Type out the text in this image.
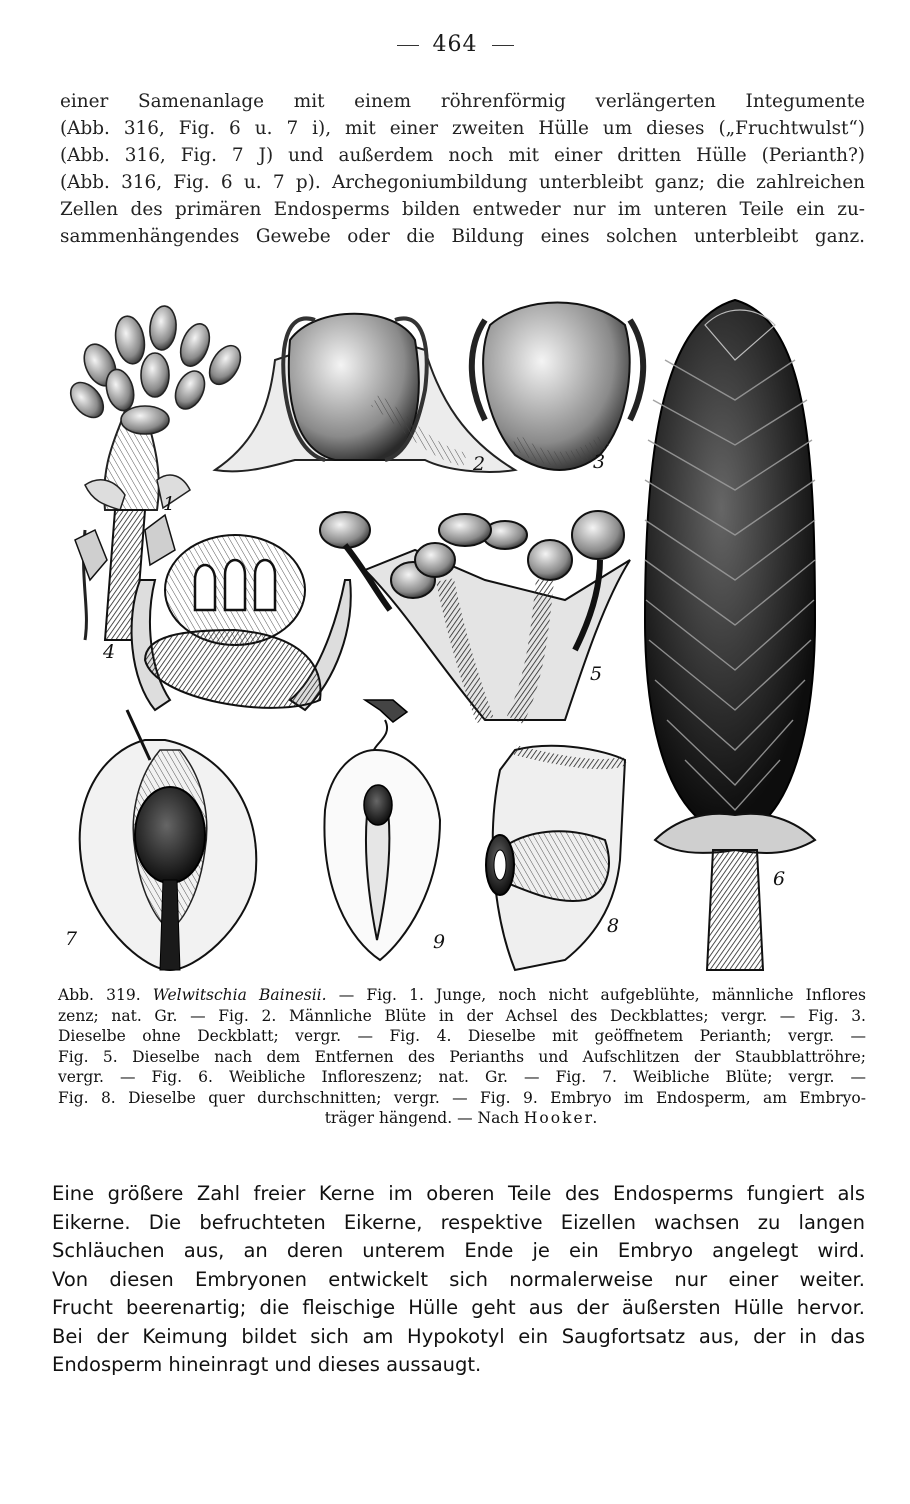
464
einer Samenanlage mit einem röhrenförmig verlängerten Integumente
(Abb. 316, Fig. 6 u. 7 i), mit einer zweiten Hülle um dieses („Fruchtwulst“)
(Abb. 316, Fig. 7 J) und außerdem noch mit einer dritten Hülle (Perianth?)
(Abb. 316, Fig. 6 u. 7 p). Archegoniumbildung unterbleibt ganz; die zahlreichen
Zellen des primären Endosperms bilden entweder nur im unteren Teile ein zu-
sammenhängendes Gewebe oder die Bildung eines solchen unterbleibt ganz.
1
2	3
4
5
6
7	9
8
Abb. 319. Welwitschia Bainesii. — Fig. 1. Junge, noch nicht aufgeblühte, männliche Inflores
zenz; nat. Gr. — Fig. 2. Männliche Blüte in der Achsel des Deckblattes; vergr. — Fig. 3.
Dieselbe ohne Deckblatt; vergr. — Fig. 4. Dieselbe mit geöffnetem Perianth; vergr. —
Fig. 5. Dieselbe nach dem Entfernen des Perianths und Aufschlitzen der Staubblattröhre;
vergr. — Fig. 6. Weibliche Infloreszenz; nat. Gr. — Fig. 7. Weibliche Blüte; vergr. —
Fig. 8. Dieselbe quer durchschnitten; vergr. — Fig. 9. Embryo im Endosperm, am Embryo-
träger hängend. — Nach Hooker.
Eine größere Zahl freier Kerne im oberen Teile des Endosperms fungiert als
Eikerne. Die befruchteten Eikerne, respektive Eizellen wachsen zu langen
Schläuchen aus, an deren unterem Ende je ein Embryo angelegt wird.
Von diesen Embryonen entwickelt sich normalerweise nur einer weiter.
Frucht beerenartig; die fleischige Hülle geht aus der äußersten Hülle hervor.
Bei der Keimung bildet sich am Hypokotyl ein Saugfortsatz aus, der in das
Endosperm hineinragt und dieses aussaugt.
